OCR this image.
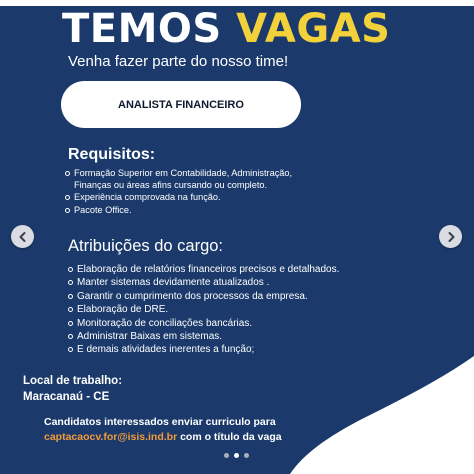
TEMOS VAGAS
Venha fazer parte do nosso time!
ANALISTA FINANCEIRO
Requisitos:
Formação Superior em Contabilidade, Administração, Finanças ou áreas afins cursando ou completo.
Experiência comprovada na função.
Pacote Office.
Atribuições do cargo:
Elaboração de relatórios financeiros precisos e detalhados.
Manter sistemas devidamente atualizados .
Garantir o cumprimento dos processos da empresa.
Elaboração de DRE.
Monitoração de conciliações bancárias.
Administrar Baixas em sistemas.
E demais atividades inerentes a função;
Local de trabalho:
Maracanaú - CE
Candidatos interessados enviar curriculo para
captacaocv.for@isis.ind.br com o título da vaga
